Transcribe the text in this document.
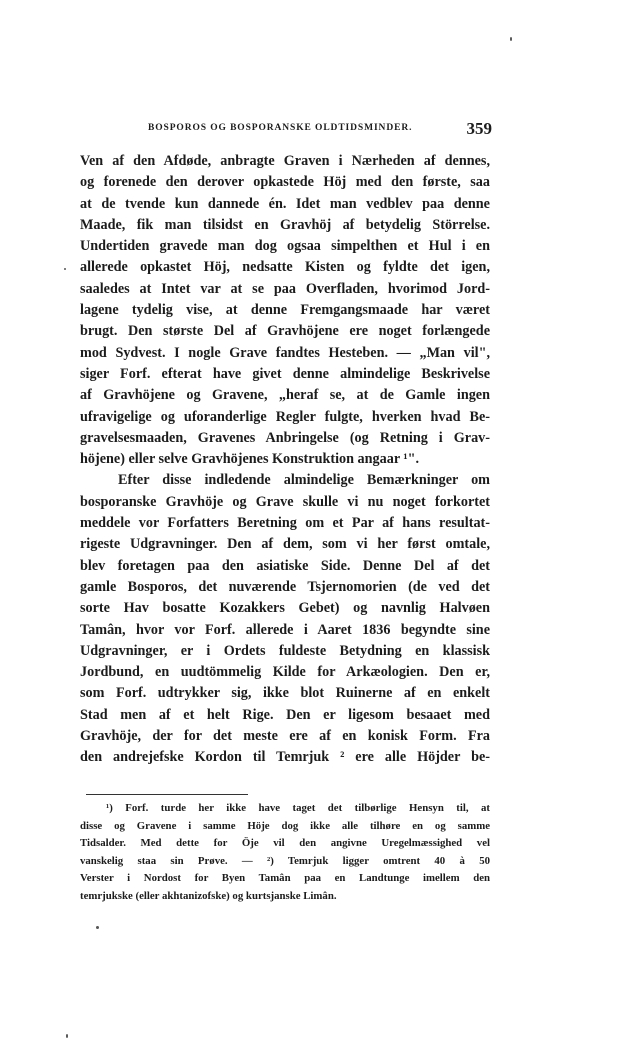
BOSPOROS OG BOSPORANSKE OLDTIDSMINDER.	359
Ven af den Afdøde, anbragte Graven i Nærheden af dennes,
og forenede den derover opkastede Höj med den første, saa
at de tvende kun dannede én. Idet man vedblev paa denne
Maade, fik man tilsidst en Gravhöj af betydelig Störrelse.
Undertiden gravede man dog ogsaa simpelthen et Hul i en
allerede opkastet Höj, nedsatte Kisten og fyldte det igen,
saaledes at Intet var at se paa Overfladen, hvorimod Jord-
lagene tydelig vise, at denne Fremgangsmaade har været
brugt. Den største Del af Gravhöjene ere noget forlængede
mod Sydvest. I nogle Grave fandtes Hesteben. — „Man vil",
siger Forf. efterat have givet denne almindelige Beskrivelse
af Gravhöjene og Gravene, „heraf se, at de Gamle ingen
ufravigelige og uforanderlige Regler fulgte, hverken hvad Be-
gravelsesmaaden, Gravenes Anbringelse (og Retning i Grav-
höjene) eller selve Gravhöjenes Konstruktion angaar ¹".
Efter disse indledende almindelige Bemærkninger om
bosporanske Gravhöje og Grave skulle vi nu noget forkortet
meddele vor Forfatters Beretning om et Par af hans resultat-
rigeste Udgravninger. Den af dem, som vi her først omtale,
blev foretagen paa den asiatiske Side. Denne Del af det
gamle Bosporos, det nuværende Tsjernomorien (de ved det
sorte Hav bosatte Kozakkers Gebet) og navnlig Halvøen
Tamân, hvor vor Forf. allerede i Aaret 1836 begyndte sine
Udgravninger, er i Ordets fuldeste Betydning en klassisk
Jordbund, en uudtömmelig Kilde for Arkæologien. Den er,
som Forf. udtrykker sig, ikke blot Ruinerne af en enkelt
Stad men af et helt Rige. Den er ligesom besaaet med
Gravhöje, der for det meste ere af en konisk Form. Fra
den andrejefske Kordon til Temrjuk ² ere alle Höjder be-
¹) Forf. turde her ikke have taget det tilbørlige Hensyn til, at
disse og Gravene i samme Höje dog ikke alle tilhøre en og samme
Tidsalder. Med dette for Öje vil den angivne Uregelmæssighed vel
vanskelig staa sin Prøve. — ²) Temrjuk ligger omtrent 40 à 50
Verster i Nordost for Byen Tamân paa en Landtunge imellem den
temrjukske (eller akhtanizofske) og kurtsjanske Limân.
